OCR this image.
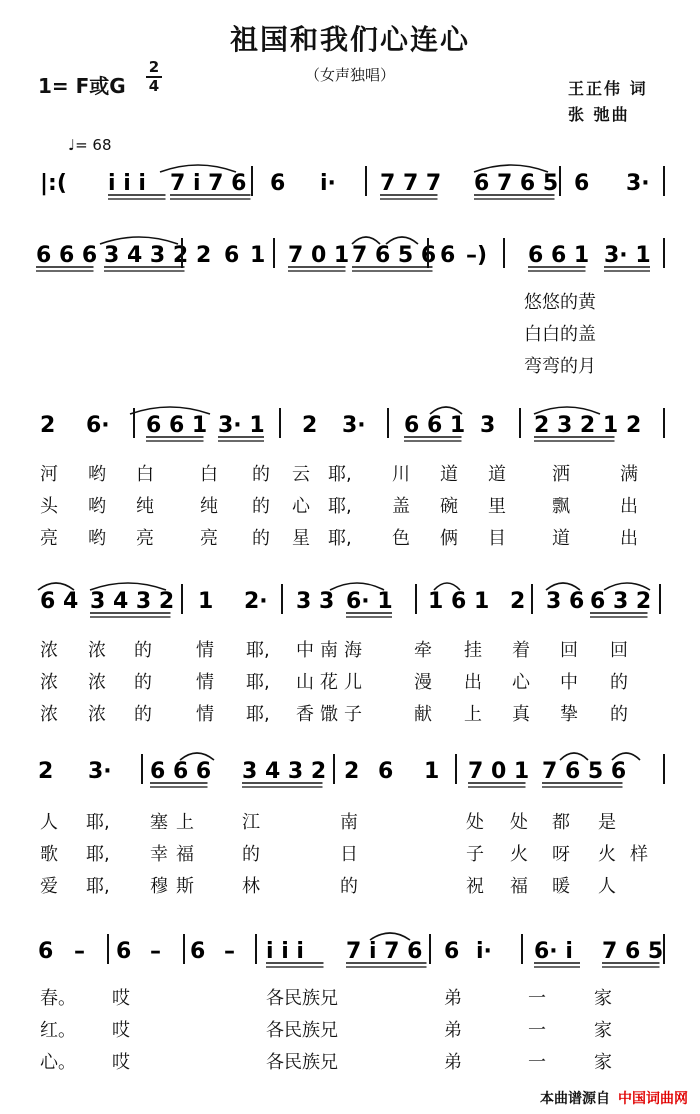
祖国和我们心连心
（女声独唱）
1= F或G
2
4	王正伟 词
张 弛曲
♩= 68
|:( i i i 7 i 7 6 6 i· 7 7 7 6 7 6 5 6 3·
6 6 6 3 4 3 2 2 6 1 7 0 1 7 6 5 6 6 –) 6 6 1 3· 1
2 6· 6 6 1 3· 1 2 3· 6 6 1 3 2 3 2 1 2
6 4 3 4 3 2 1 2· 3 3 6· 1 1 6 1 2 3 6 6 3 2
2 3· 6 6 6 3 4 3 2 2 6 1 7 0 1 7 6 5 6
6 – 6 – 6 – i i i 7 i 7 6 6 i· 6· i 7 6 5
悠悠的黄
白白的盖
弯弯的月
河 哟 白	白 的 云 耶, 川 道 道	洒	满
头 哟 纯	纯 的 心 耶, 盖 碗 里	飘	出
亮 哟 亮	亮 的 星 耶, 色 俩 目	道	出
浓 浓 的 情 耶, 中 南 海	牵 挂 着 回 回
浓 浓 的 情 耶, 山 花 儿	漫 出 心 中 的
浓 浓 的 情 耶, 香 馓 子	献 上 真 挚 的
人 耶, 塞 上	江	南	处 处 都 是
歌 耶, 幸 福	的	日	子 火 呀 火 样
爱 耶, 穆 斯	林	的	祝 福 暖 人
春。 哎	各民族兄	弟	一	家
红。 哎	各民族兄	弟	一	家
心。 哎	各民族兄	弟	一	家
本曲谱源自 中国词曲网
